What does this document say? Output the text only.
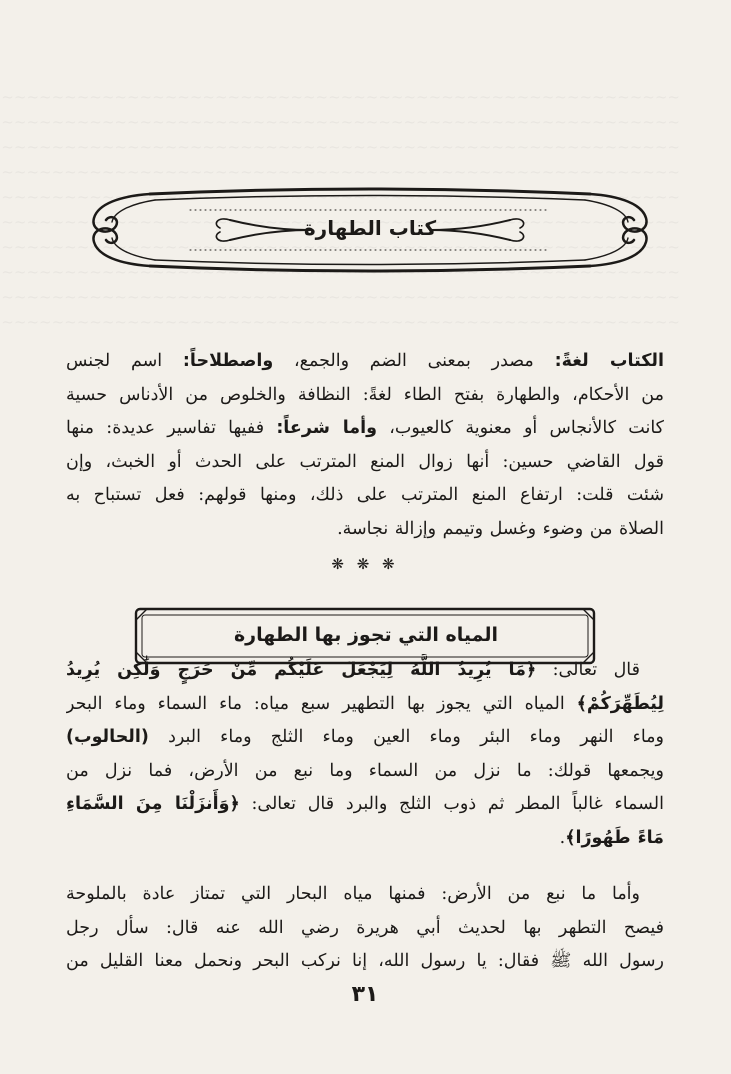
كتاب الطهارة
الكتاب لغةً: مصدر بمعنى الضم والجمع، واصطلاحاً: اسم لجنس
من الأحكام، والطهارة بفتح الطاء لغةً: النظافة والخلوص من الأدناس حسية
كانت كالأنجاس أو معنوية كالعيوب، وأما شرعاً: ففيها تفاسير عديدة: منها
قول القاضي حسين: أنها زوال المنع المترتب على الحدث أو الخبث، وإن
شئت قلت: ارتفاع المنع المترتب على ذلك، ومنها قولهم: فعل تستباح به
الصلاة من وضوء وغسل وتيمم وإزالة نجاسة.
❋ ❋ ❋
المياه التي تجوز بها الطهارة
قال تعالى: ﴿مَا يُرِيدُ اللَّهُ لِيَجْعَلَ عَلَيْكُم مِّنْ حَرَجٍ وَلَٰكِن يُرِيدُ
لِيُطَهِّرَكُمْ﴾ المياه التي يجوز بها التطهير سبع مياه: ماء السماء وماء البحر
وماء النهر وماء البئر وماء العين وماء الثلج وماء البرد (الحالوب)
ويجمعها قولك: ما نزل من السماء وما نبع من الأرض، فما نزل من
السماء غالباً المطر ثم ذوب الثلج والبرد قال تعالى: ﴿وَأَنزَلْنَا مِنَ السَّمَاءِ
مَاءً طَهُورًا﴾.
وأما ما نبع من الأرض: فمنها مياه البحار التي تمتاز عادة بالملوحة
فيصح التطهر بها لحديث أبي هريرة رضي الله عنه قال: سأل رجل
رسول الله ﷺ فقال: يا رسول الله، إنا نركب البحر ونحمل معنا القليل من
٣١
